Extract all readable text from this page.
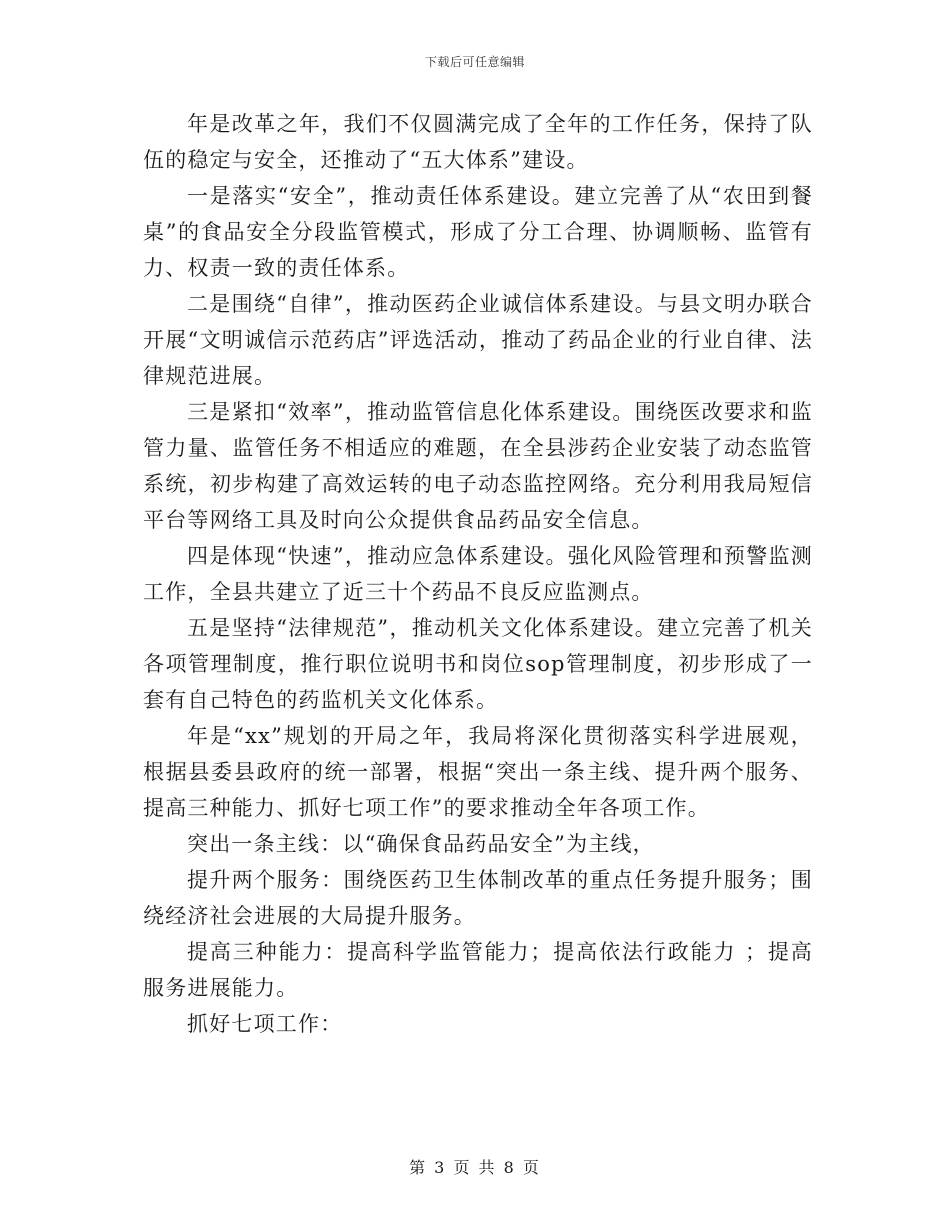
下载后可任意编辑

年是改革之年，我们不仅圆满完成了全年的工作任务，保持了队伍的稳定与安全，还推动了“五大体系”建设。

一是落实“安全”，推动责任体系建设。建立完善了从“农田到餐桌”的食品安全分段监管模式，形成了分工合理、协调顺畅、监管有力、权责一致的责任体系。

二是围绕“自律”，推动医药企业诚信体系建设。与县文明办联合开展“文明诚信示范药店”评选活动，推动了药品企业的行业自律、法律规范进展。

三是紧扣“效率”，推动监管信息化体系建设。围绕医改要求和监管力量、监管任务不相适应的难题，在全县涉药企业安装了动态监管系统，初步构建了高效运转的电子动态监控网络。充分利用我局短信平台等网络工具及时向公众提供食品药品安全信息。

四是体现“快速”，推动应急体系建设。强化风险管理和预警监测工作，全县共建立了近三十个药品不良反应监测点。

五是坚持“法律规范”，推动机关文化体系建设。建立完善了机关各项管理制度，推行职位说明书和岗位sop管理制度，初步形成了一套有自己特色的药监机关文化体系。

年是“xx”规划的开局之年，我局将深化贯彻落实科学进展观，根据县委县政府的统一部署，根据“突出一条主线、提升两个服务、提高三种能力、抓好七项工作”的要求推动全年各项工作。

突出一条主线：以“确保食品药品安全”为主线，

提升两个服务：围绕医药卫生体制改革的重点任务提升服务；围绕经济社会进展的大局提升服务。

提高三种能力：提高科学监管能力；提高依法行政能力 ；提高服务进展能力。

抓好七项工作：

第 3 页 共 8 页
